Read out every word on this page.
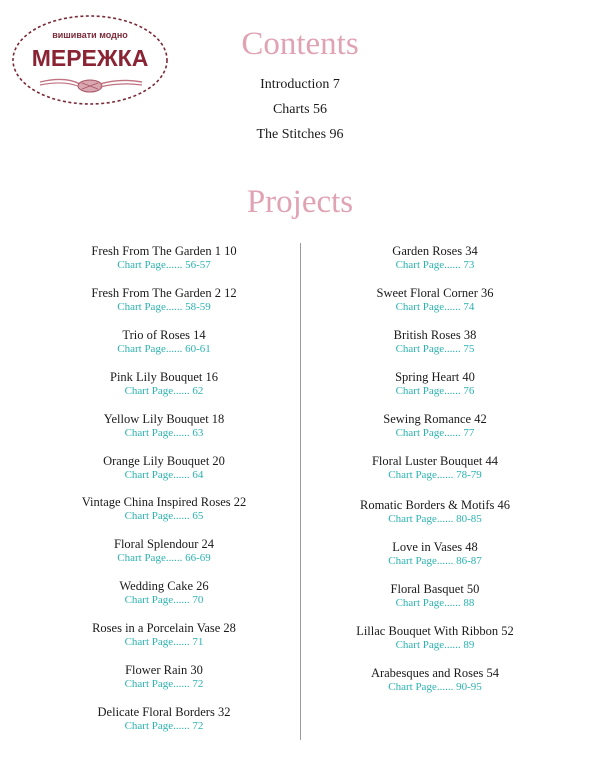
вишивати модно
МЕРЕЖКА	Contents
Introduction 7
Charts 56
The Stitches 96
Projects
Fresh From The Garden 1 10
Chart Page...... 56-57
Fresh From The Garden 2 12
Chart Page...... 58-59
Trio of Roses 14
Chart Page...... 60-61
Pink Lily Bouquet 16
Chart Page...... 62
Yellow Lily Bouquet 18
Chart Page...... 63
Orange Lily Bouquet 20
Chart Page...... 64
Vintage China Inspired Roses 22
Chart Page...... 65
Floral Splendour 24
Chart Page...... 66-69
Wedding Cake 26
Chart Page...... 70
Roses in a Porcelain Vase 28
Chart Page...... 71
Flower Rain 30
Chart Page...... 72
Delicate Floral Borders 32
Chart Page...... 72
Garden Roses 34
Chart Page...... 73
Sweet Floral Corner 36
Chart Page...... 74
British Roses 38
Chart Page...... 75
Spring Heart 40
Chart Page...... 76
Sewing Romance 42
Chart Page...... 77
Floral Luster Bouquet 44
Chart Page...... 78-79
Romatic Borders & Motifs 46
Chart Page...... 80-85
Love in Vases 48
Chart Page...... 86-87
Floral Basquet 50
Chart Page...... 88
Lillac Bouquet With Ribbon 52
Chart Page...... 89
Arabesques and Roses 54
Chart Page...... 90-95
